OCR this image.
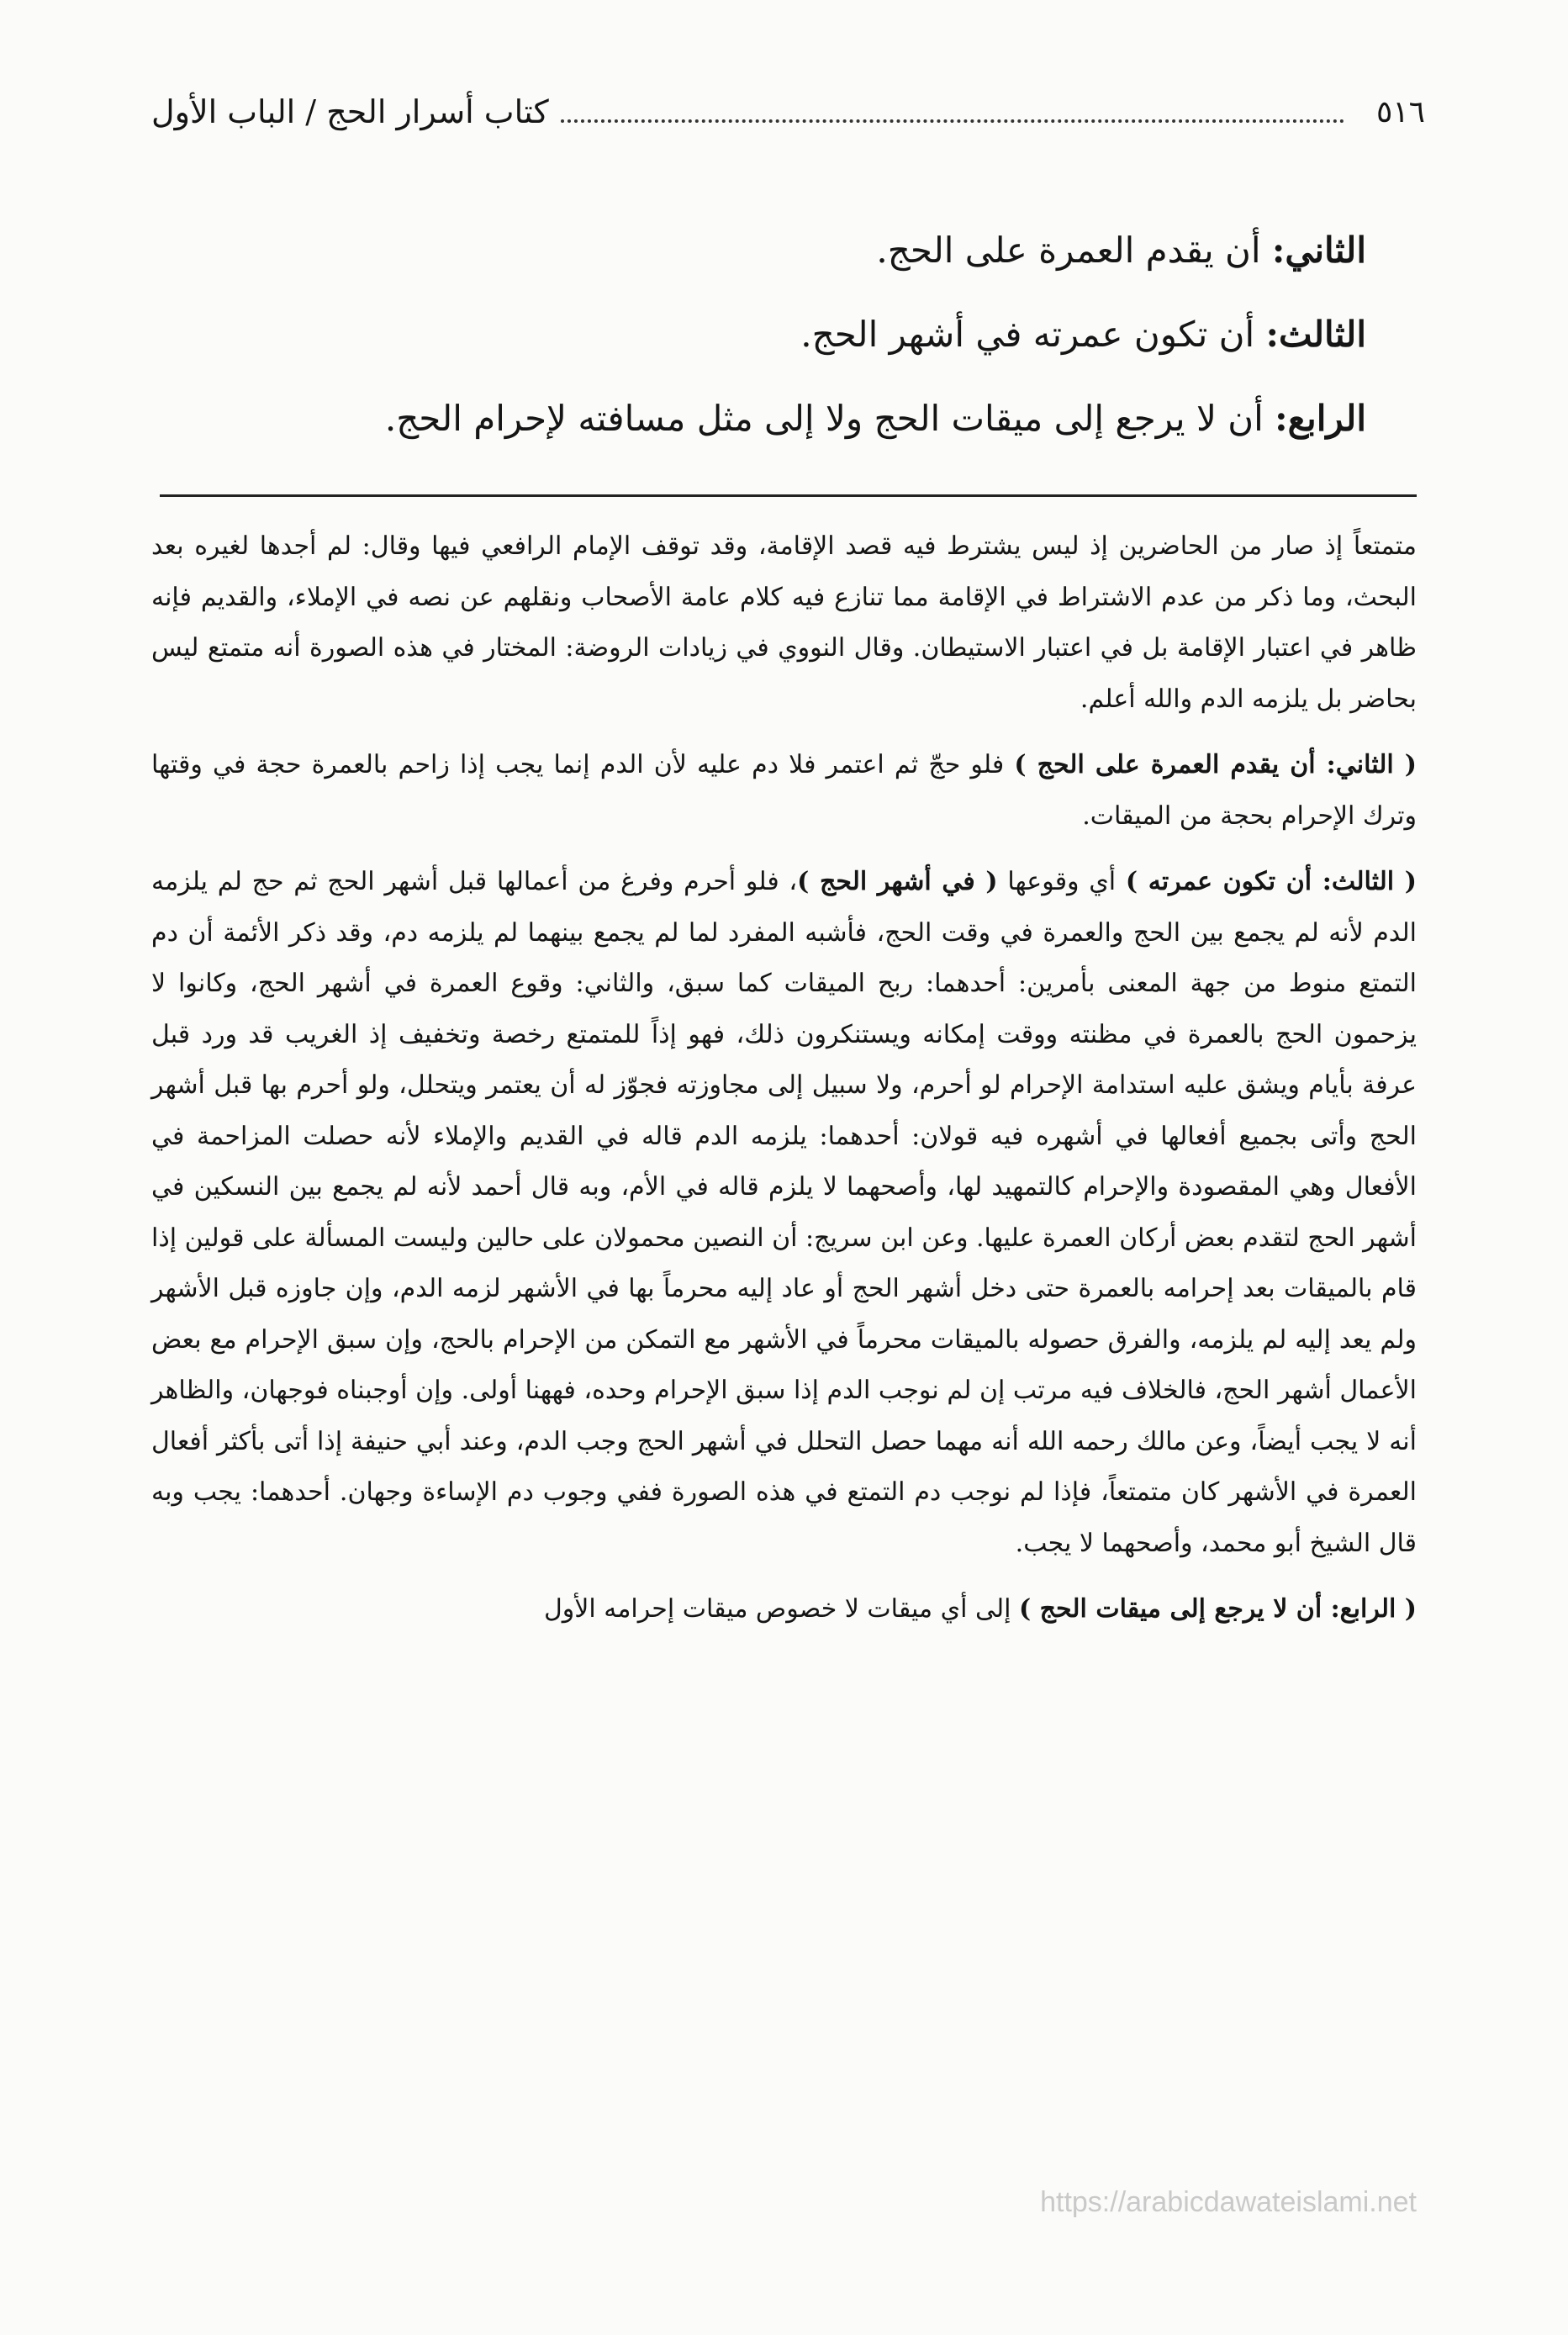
٥١٦
كتاب أسرار الحج / الباب الأول
الثاني: أن يقدم العمرة على الحج.
الثالث: أن تكون عمرته في أشهر الحج.
الرابع: أن لا يرجع إلى ميقات الحج ولا إلى مثل مسافته لإحرام الحج.

متمتعاً إذ صار من الحاضرين إذ ليس يشترط فيه قصد الإقامة، وقد توقف الإمام الرافعي فيها وقال: لم أجدها لغيره بعد البحث، وما ذكر من عدم الاشتراط في الإقامة مما تنازع فيه كلام عامة الأصحاب ونقلهم عن نصه في الإملاء، والقديم فإنه ظاهر في اعتبار الإقامة بل في اعتبار الاستيطان. وقال النووي في زيادات الروضة: المختار في هذه الصورة أنه متمتع ليس بحاضر بل يلزمه الدم والله أعلم.

( الثاني: أن يقدم العمرة على الحج ) فلو حجّ ثم اعتمر فلا دم عليه لأن الدم إنما يجب إذا زاحم بالعمرة حجة في وقتها وترك الإحرام بحجة من الميقات.

( الثالث: أن تكون عمرته ) أي وقوعها ( في أشهر الحج )، فلو أحرم وفرغ من أعمالها قبل أشهر الحج ثم حج لم يلزمه الدم لأنه لم يجمع بين الحج والعمرة في وقت الحج، فأشبه المفرد لما لم يجمع بينهما لم يلزمه دم، وقد ذكر الأئمة أن دم التمتع منوط من جهة المعنى بأمرين: أحدهما: ربح الميقات كما سبق، والثاني: وقوع العمرة في أشهر الحج، وكانوا لا يزحمون الحج بالعمرة في مظنته ووقت إمكانه ويستنكرون ذلك، فهو إذاً للمتمتع رخصة وتخفيف إذ الغريب قد ورد قبل عرفة بأيام ويشق عليه استدامة الإحرام لو أحرم، ولا سبيل إلى مجاوزته فجوّز له أن يعتمر ويتحلل، ولو أحرم بها قبل أشهر الحج وأتى بجميع أفعالها في أشهره فيه قولان: أحدهما: يلزمه الدم قاله في القديم والإملاء لأنه حصلت المزاحمة في الأفعال وهي المقصودة والإحرام كالتمهيد لها، وأصحهما لا يلزم قاله في الأم، وبه قال أحمد لأنه لم يجمع بين النسكين في أشهر الحج لتقدم بعض أركان العمرة عليها. وعن ابن سريج: أن النصين محمولان على حالين وليست المسألة على قولين إذا قام بالميقات بعد إحرامه بالعمرة حتى دخل أشهر الحج أو عاد إليه محرماً بها في الأشهر لزمه الدم، وإن جاوزه قبل الأشهر ولم يعد إليه لم يلزمه، والفرق حصوله بالميقات محرماً في الأشهر مع التمكن من الإحرام بالحج، وإن سبق الإحرام مع بعض الأعمال أشهر الحج، فالخلاف فيه مرتب إن لم نوجب الدم إذا سبق الإحرام وحده، فههنا أولى. وإن أوجبناه فوجهان، والظاهر أنه لا يجب أيضاً، وعن مالك رحمه الله أنه مهما حصل التحلل في أشهر الحج وجب الدم، وعند أبي حنيفة إذا أتى بأكثر أفعال العمرة في الأشهر كان متمتعاً، فإذا لم نوجب دم التمتع في هذه الصورة ففي وجوب دم الإساءة وجهان. أحدهما: يجب وبه قال الشيخ أبو محمد، وأصحهما لا يجب.

( الرابع: أن لا يرجع إلى ميقات الحج ) إلى أي ميقات لا خصوص ميقات إحرامه الأول

https://arabicdawateislami.net
